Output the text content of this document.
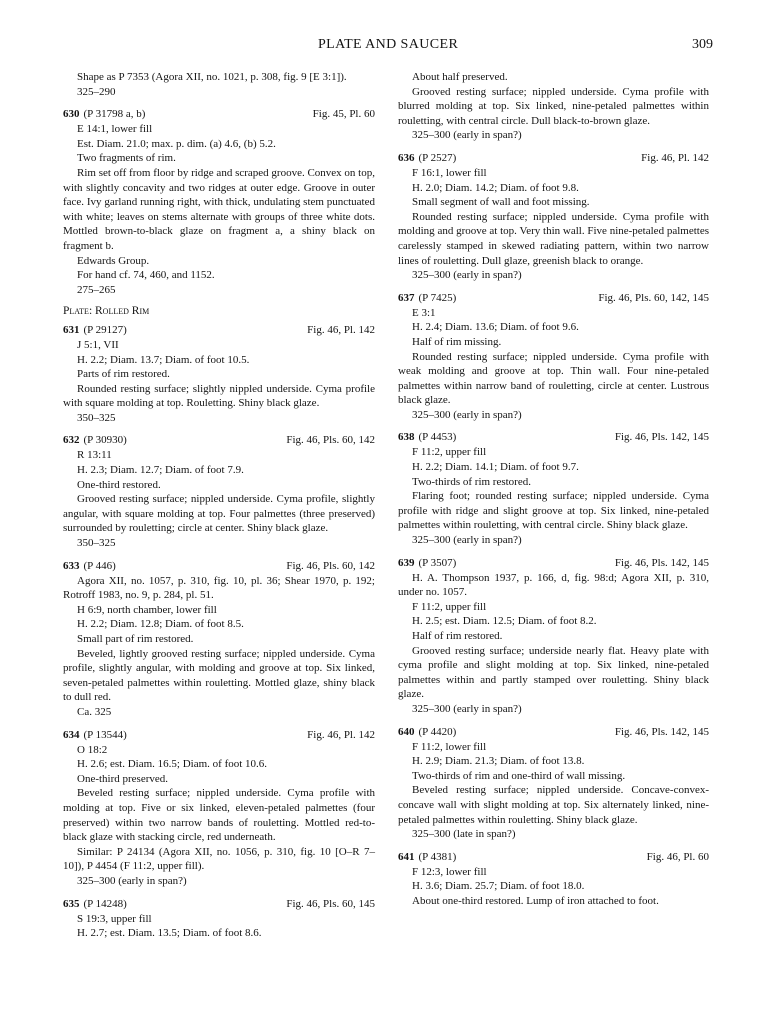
PLATE AND SAUCER	309

Shape as P 7353 (Agora XII, no. 1021, p. 308, fig. 9 [E 3:1]).

325–290
630 (P 31798 a, b)	Fig. 45, Pl. 60
E 14:1, lower fill
Est. Diam. 21.0; max. p. dim. (a) 4.6, (b) 5.2.
Two fragments of rim.

Rim set off from floor by ridge and scraped groove. Convex on top, with slightly concavity and two ridges at outer edge. Groove in outer face. Ivy garland running right, with thick, undulating stem punctuated with white; leaves on stems alternate with groups of three white dots. Mottled brown-to-black glaze on fragment a, a shiny black on fragment b.

Edwards Group.
For hand cf. 74, 460, and 1152.
275–265
Plate: Rolled Rim
631 (P 29127)	Fig. 46, Pl. 142
J 5:1, VII
H. 2.2; Diam. 13.7; Diam. of foot 10.5.
Parts of rim restored.

Rounded resting surface; slightly nippled underside. Cyma profile with square molding at top. Rouletting. Shiny black glaze.

350–325
632 (P 30930)	Fig. 46, Pls. 60, 142
R 13:11
H. 2.3; Diam. 12.7; Diam. of foot 7.9.
One-third restored.

Grooved resting surface; nippled underside. Cyma profile, slightly angular, with square molding at top. Four palmettes (three preserved) surrounded by rouletting; circle at center. Shiny black glaze.

350–325
633 (P 446)	Fig. 46, Pls. 60, 142

Agora XII, no. 1057, p. 310, fig. 10, pl. 36; Shear 1970, p. 192; Rotroff 1983, no. 9, p. 284, pl. 51.

H 6:9, north chamber, lower fill
H. 2.2; Diam. 12.8; Diam. of foot 8.5.
Small part of rim restored.

Beveled, lightly grooved resting surface; nippled underside. Cyma profile, slightly angular, with molding and groove at top. Six linked, seven-petaled palmettes within rouletting. Mottled glaze, shiny black to dull red.

Ca. 325
634 (P 13544)	Fig. 46, Pl. 142
O 18:2
H. 2.6; est. Diam. 16.5; Diam. of foot 10.6.
One-third preserved.

Beveled resting surface; nippled underside. Cyma profile with molding at top. Five or six linked, eleven-petaled palmettes (four preserved) within two narrow bands of rouletting. Mottled red-to-black glaze with stacking circle, red underneath.

Similar: P 24134 (Agora XII, no. 1056, p. 310, fig. 10 [O–R 7–10]), P 4454 (F 11:2, upper fill).

325–300 (early in span?)
635 (P 14248)	Fig. 46, Pls. 60, 145
S 19:3, upper fill
H. 2.7; est. Diam. 13.5; Diam. of foot 8.6.
About half preserved.

Grooved resting surface; nippled underside. Cyma profile with blurred molding at top. Six linked, nine-petaled palmettes within rouletting, with central circle. Dull black-to-brown glaze.

325–300 (early in span?)
636 (P 2527)	Fig. 46, Pl. 142
F 16:1, lower fill
H. 2.0; Diam. 14.2; Diam. of foot 9.8.
Small segment of wall and foot missing.

Rounded resting surface; nippled underside. Cyma profile with molding and groove at top. Very thin wall. Five nine-petaled palmettes carelessly stamped in skewed radiating pattern, within two narrow lines of rouletting. Dull glaze, greenish black to orange.

325–300 (early in span?)
637 (P 7425)	Fig. 46, Pls. 60, 142, 145
E 3:1
H. 2.4; Diam. 13.6; Diam. of foot 9.6.
Half of rim missing.

Rounded resting surface; nippled underside. Cyma profile with weak molding and groove at top. Thin wall. Four nine-petaled palmettes within narrow band of rouletting, circle at center. Lustrous black glaze.

325–300 (early in span?)
638 (P 4453)	Fig. 46, Pls. 142, 145
F 11:2, upper fill
H. 2.2; Diam. 14.1; Diam. of foot 9.7.
Two-thirds of rim restored.

Flaring foot; rounded resting surface; nippled underside. Cyma profile with ridge and slight groove at top. Six linked, nine-petaled palmettes within rouletting, with central circle. Shiny black glaze.

325–300 (early in span?)
639 (P 3507)	Fig. 46, Pls. 142, 145

H. A. Thompson 1937, p. 166, d, fig. 98:d; Agora XII, p. 310, under no. 1057.

F 11:2, upper fill
H. 2.5; est. Diam. 12.5; Diam. of foot 8.2.
Half of rim restored.

Grooved resting surface; underside nearly flat. Heavy plate with cyma profile and slight molding at top. Six linked, nine-petaled palmettes within and partly stamped over rouletting. Shiny black glaze.

325–300 (early in span?)
640 (P 4420)	Fig. 46, Pls. 142, 145
F 11:2, lower fill
H. 2.9; Diam. 21.3; Diam. of foot 13.8.
Two-thirds of rim and one-third of wall missing.

Beveled resting surface; nippled underside. Concave-convex-concave wall with slight molding at top. Six alternately linked, nine-petaled palmettes within rouletting. Shiny black glaze.

325–300 (late in span?)
641 (P 4381)	Fig. 46, Pl. 60
F 12:3, lower fill
H. 3.6; Diam. 25.7; Diam. of foot 18.0.
About one-third restored. Lump of iron attached to foot.
